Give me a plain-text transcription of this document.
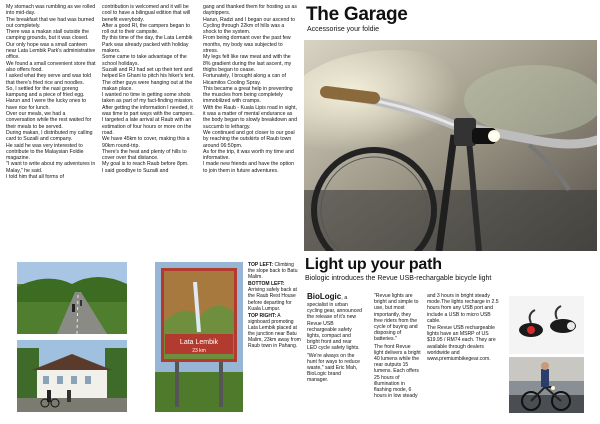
My stomach was rumbling as we rolled into mid-day.

The breakfast that we had was burned out completely.

There was a makan stall outside the camping grounds, but it was closed.

Our only hope was a small canteen near Lata Lembik Park's administrative office.

We found a small convenient store that also offers food.

I asked what they serve and was told that there's fried rice and noodles.

So, I settled for the nasi goreng kampung and a piece of fried egg.

Harun and I were the lucky ones to have rice for lunch.

Over our meals, we had a conversation while the rest waited for their meals to be served.

During makan, I distributed my calling card to Suzaili and company.

He said he was very interested to contribute to the Malaysian Foldie magazine.

"I want to write about my adventures in Malay," he said.

I told him that all forms of

contribution is welcomed and it will be cool to have a bilingual edition that will benefit everybody.

After a good RI, the campers began to roll out to their campsite.

By this time of the day, the Lata Lembik Park was already packed with holiday makers.

Some came to take advantage of the school holidays.

Suzaili and RJ had set up their tent and helped En Ghani to pitch his hiker's tent.

The other guys were hanging out at the makan place.

I wanted no time in getting some shots taken as part of my fact-finding mission.

After getting the information I needed, it was time to part ways with the campers.

I targeted a late arrival at Raub with an estimation of four hours or more on the road.

We have 45km to cover, making this a 90km round-trip.

There's the heat and plenty of hills to cover over that distance.

My goal is to reach Raub before 8pm.

I said goodbye to Suzaili and

gang and thanked them for hosting us as daytrippers.

Harun, Radzi and I began our ascend to

Cycling through 22km of hills was a shock to the system.

From being dormant over the past few months, my body was subjected to stress.

My legs felt like raw meat and with the 8% gradient during the last ascent, my thighs began to cease.

Fortunately, I brought along a can of Hicamitos Cooling Spray.

This became a great help in preventing the muscles from being completely immobilized with cramps.

With the Raub - Kuala Lipis road in sight, it was a matter of mental endurance as the body began to slowly breakdown and succumb to lethargy.

We continued and got closer to our goal by reaching the outskirts of Raub town around 06:50pm.

As for the trip, it was worth my time and informative.

I made new friends and have the option to join them in future adventures.

The Garage
Accessorise your foldie
Lata Lembik
23 km

TOP LEFT: Climbing the slope back to Batu Malim.

BOTTOM LEFT: Arriving safely back at the Raub Rest House before departing for Kuala Lumpur.

TOP RIGHT: A signboard promoting Lata Lembik placed at the junction near Batu Malim, 23km away from Raub town in Pahang.

Light up your path
Biologic introduces the Revue USB-rechargable bicycle light
BioLogic, a

specialist in urban cycling gear, announced the release of it's new Revue USB rechargeable safety lights, compact and bright front and rear LED cycle safety lights.

"We're always on the hunt for ways to reduce waste," said Eric Mah, BioLogic brand manager.

"Revue lights are bright and simple to use, but most importantly, they free riders from the cycle of buying and disposing of batteries."

The front Revue light delivers a bright 40 lumens while the rear outputs 15 lumens. Each offers 25 hours of illumination in flashing mode, 6 hours in low steady

and 3 hours in bright steady mode.The lights recharge in 2.5 hours from any USB port and include a USB to micro USB cable.

The Revue USB rechargeable lights have an MSRP of US $19.95 / RM74 each. They are available through dealers worldwide and www.premiumbikegear.com.
